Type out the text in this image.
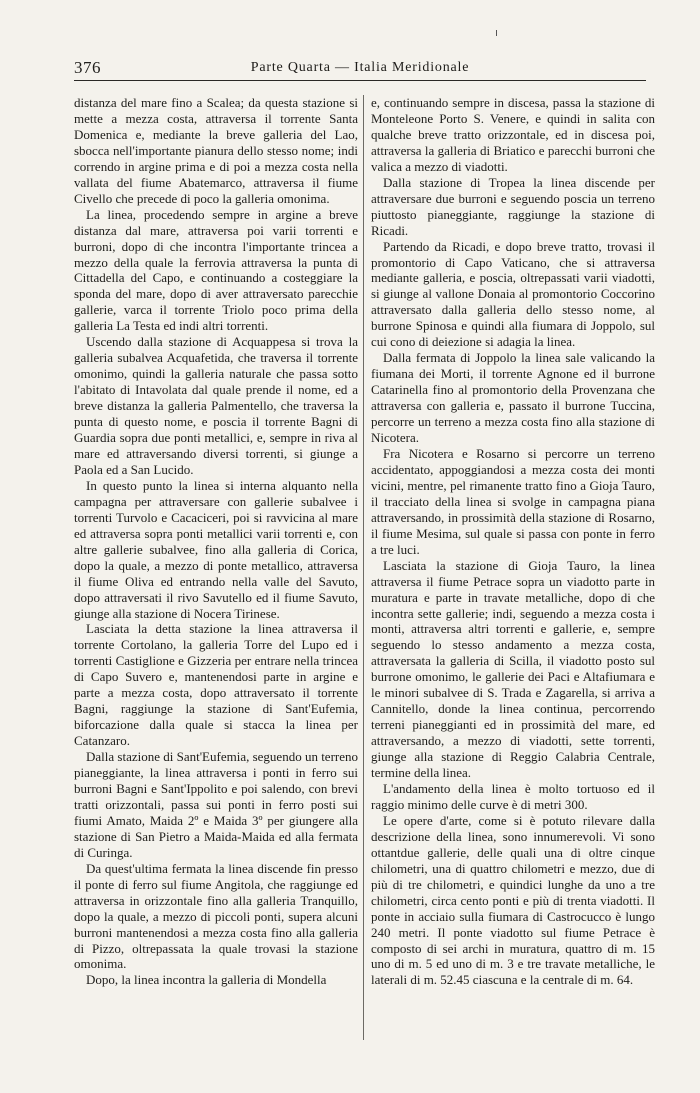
376	Parte Quarta — Italia Meridionale

distanza del mare fino a Scalea; da questa stazione si mette a mezza costa, attraversa il torrente Santa Domenica e, mediante la breve galleria del Lao, sbocca nell'importante pianura dello stesso nome; indi correndo in argine prima e di poi a mezza costa nella vallata del fiume Abatemarco, attraversa il fiume Civello che precede di poco la galleria omonima.

La linea, procedendo sempre in argine a breve distanza dal mare, attraversa poi varii torrenti e burroni, dopo di che incontra l'importante trincea a mezzo della quale la ferrovia attraversa la punta di Cittadella del Capo, e continuando a costeggiare la sponda del mare, dopo di aver attraversato parecchie gallerie, varca il torrente Triolo poco prima della galleria La Testa ed indi altri torrenti.

Uscendo dalla stazione di Acquappesa si trova la galleria subalvea Acquafetida, che traversa il torrente omonimo, quindi la galleria naturale che passa sotto l'abitato di Intavolata dal quale prende il nome, ed a breve distanza la galleria Palmentello, che traversa la punta di questo nome, e poscia il torrente Bagni di Guardia sopra due ponti metallici, e, sempre in riva al mare ed attraversando diversi torrenti, si giunge a Paola ed a San Lucido.

In questo punto la linea si interna alquanto nella campagna per attraversare con gallerie subalvee i torrenti Turvolo e Cacaciceri, poi si ravvicina al mare ed attraversa sopra ponti metallici varii torrenti e, con altre gallerie subalvee, fino alla galleria di Corica, dopo la quale, a mezzo di ponte metallico, attraversa il fiume Oliva ed entrando nella valle del Savuto, dopo attraversati il rivo Savutello ed il fiume Savuto, giunge alla stazione di Nocera Tirinese.

Lasciata la detta stazione la linea attraversa il torrente Cortolano, la galleria Torre del Lupo ed i torrenti Castiglione e Gizzeria per entrare nella trincea di Capo Suvero e, mantenendosi parte in argine e parte a mezza costa, dopo attraversato il torrente Bagni, raggiunge la stazione di Sant'Eufemia, biforcazione dalla quale si stacca la linea per Catanzaro.

Dalla stazione di Sant'Eufemia, seguendo un terreno pianeggiante, la linea attraversa i ponti in ferro sui burroni Bagni e Sant'Ippolito e poi salendo, con brevi tratti orizzontali, passa sui ponti in ferro posti sui fiumi Amato, Maida 2º e Maida 3º per giungere alla stazione di San Pietro a Maida-Maida ed alla fermata di Curinga.

Da quest'ultima fermata la linea discende fin presso il ponte di ferro sul fiume Angitola, che raggiunge ed attraversa in orizzontale fino alla galleria Tranquillo, dopo la quale, a mezzo di piccoli ponti, supera alcuni burroni mantenendosi a mezza costa fino alla galleria di Pizzo, oltrepassata la quale trovasi la stazione omonima.

Dopo, la linea incontra la galleria di Mondella

e, continuando sempre in discesa, passa la stazione di Monteleone Porto S. Venere, e quindi in salita con qualche breve tratto orizzontale, ed in discesa poi, attraversa la galleria di Briatico e parecchi burroni che valica a mezzo di viadotti.

Dalla stazione di Tropea la linea discende per attraversare due burroni e seguendo poscia un terreno piuttosto pianeggiante, raggiunge la stazione di Ricadi.

Partendo da Ricadi, e dopo breve tratto, trovasi il promontorio di Capo Vaticano, che si attraversa mediante galleria, e poscia, oltrepassati varii viadotti, si giunge al vallone Donaia al promontorio Coccorino attraversato dalla galleria dello stesso nome, al burrone Spinosa e quindi alla fiumara di Joppolo, sul cui cono di deiezione si adagia la linea.

Dalla fermata di Joppolo la linea sale valicando la fiumana dei Morti, il torrente Agnone ed il burrone Catarinella fino al promontorio della Provenzana che attraversa con galleria e, passato il burrone Tuccina, percorre un terreno a mezza costa fino alla stazione di Nicotera.

Fra Nicotera e Rosarno si percorre un terreno accidentato, appoggiandosi a mezza costa dei monti vicini, mentre, pel rimanente tratto fino a Gioja Tauro, il tracciato della linea si svolge in campagna piana attraversando, in prossimità della stazione di Rosarno, il fiume Mesima, sul quale si passa con ponte in ferro a tre luci.

Lasciata la stazione di Gioja Tauro, la linea attraversa il fiume Petrace sopra un viadotto parte in muratura e parte in travate metalliche, dopo di che incontra sette gallerie; indi, seguendo a mezza costa i monti, attraversa altri torrenti e gallerie, e, sempre seguendo lo stesso andamento a mezza costa, attraversata la galleria di Scilla, il viadotto posto sul burrone omonimo, le gallerie dei Paci e Altafiumara e le minori subalvee di S. Trada e Zagarella, si arriva a Cannitello, donde la linea continua, percorrendo terreni pianeggianti ed in prossimità del mare, ed attraversando, a mezzo di viadotti, sette torrenti, giunge alla stazione di Reggio Calabria Centrale, termine della linea.

L'andamento della linea è molto tortuoso ed il raggio minimo delle curve è di metri 300.

Le opere d'arte, come si è potuto rilevare dalla descrizione della linea, sono innumerevoli. Vi sono ottantdue gallerie, delle quali una di oltre cinque chilometri, una di quattro chilometri e mezzo, due di più di tre chilometri, e quindici lunghe da uno a tre chilometri, circa cento ponti e più di trenta viadotti. Il ponte in acciaio sulla fiumara di Castrocucco è lungo 240 metri. Il ponte viadotto sul fiume Petrace è composto di sei archi in muratura, quattro di m. 15 uno di m. 5 ed uno di m. 3 e tre travate metalliche, le laterali di m. 52.45 ciascuna e la centrale di m. 64.
